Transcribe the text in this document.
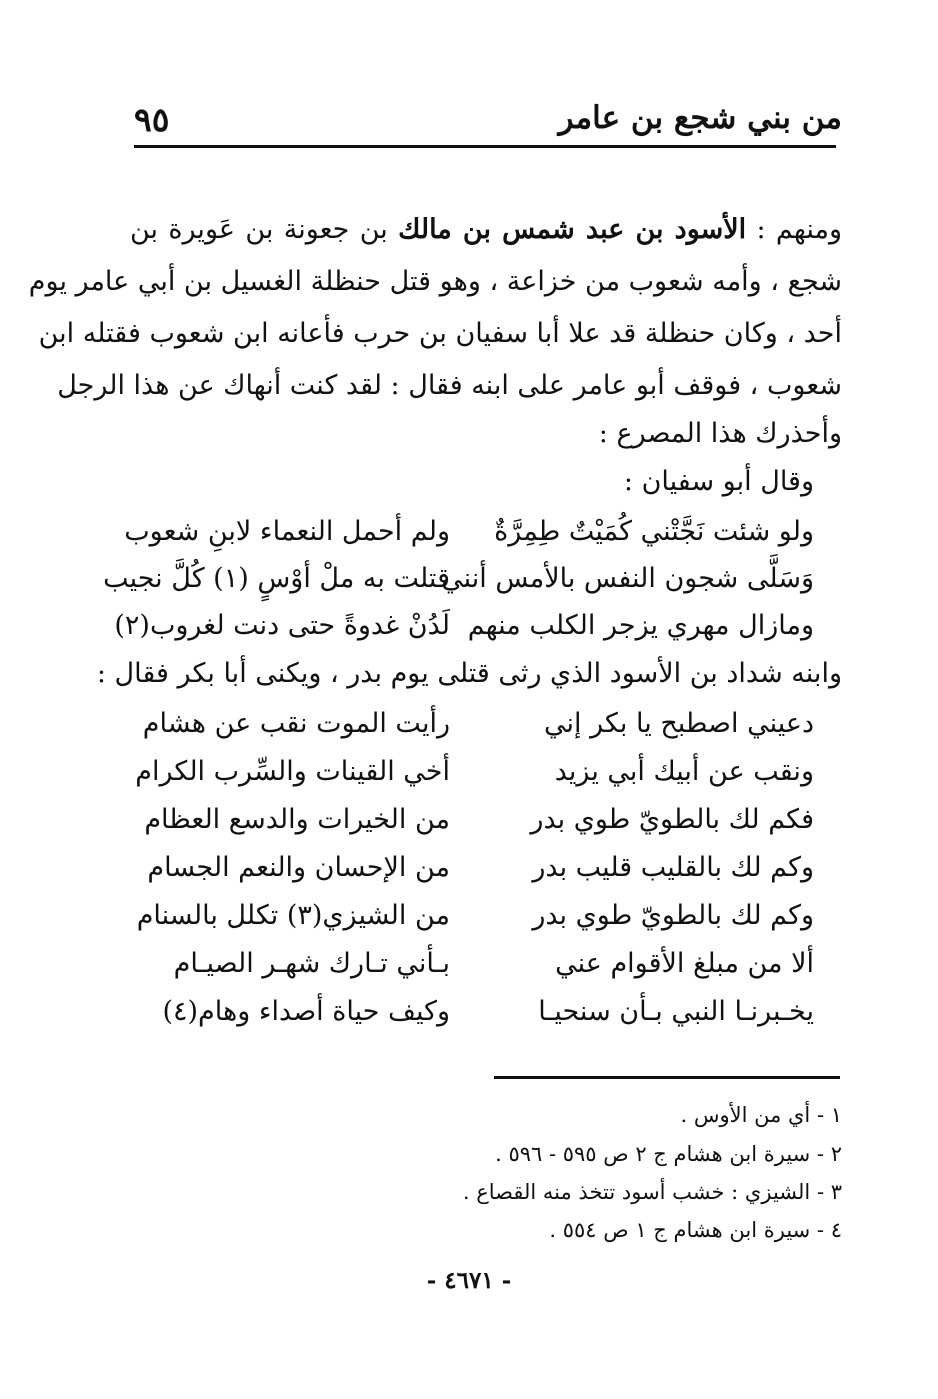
من بني شجع بن عامر
٩٥
ومنهم : الأسود بن عبد شمس بن مالك بن جعونة بن عَويرة بن
شجع ، وأمه شعوب من خزاعة ، وهو قتل حنظلة الغسيل بن أبي عامر يوم
أحد ، وكان حنظلة قد علا أبا سفيان بن حرب فأعانه ابن شعوب فقتله ابن
شعوب ، فوقف أبو عامر على ابنه فقال : لقد كنت أنهاك عن هذا الرجل
وأحذرك هذا المصرع :
وقال أبو سفيان :
ولو شئت نَجَّتْني كُمَيْتٌ طِمِرَّةٌ
ولم أحمل النعماء لابنِ شعوب
وَسَلَّى شجون النفس بالأمس أنني
قتلت به ملْ أوْسٍ (١) كُلَّ نجيب
ومازال مهري يزجر الكلب منهم
لَدُنْ غدوةً حتى دنت لغروب(٢)
وابنه شداد بن الأسود الذي رثى قتلى يوم بدر ، ويكنى أبا بكر فقال :
دعيني اصطبح يا بكر إني
رأيت الموت نقب عن هشام
ونقب عن أبيك أبي يزيد
أخي القينات والسِّرب الكرام
فكم لك بالطويّ طوي بدر
من الخيرات والدسع العظام
وكم لك بالقليب قليب بدر
من الإحسان والنعم الجسام
وكم لك بالطويّ طوي بدر
من الشيزي(٣) تكلل بالسنام
ألا من مبلغ الأقوام عني
بـأني تـارك شهـر الصيـام
يخـبرنـا النبي بـأن سنحيـا
وكيف حياة أصداء وهام(٤)
١ - أي من الأوس .
٢ - سيرة ابن هشام ج ٢ ص ٥٩٥ - ٥٩٦ .
٣ - الشيزي : خشب أسود تتخذ منه القصاع .
٤ - سيرة ابن هشام ج ١ ص ٥٥٤ .
- ٤٦٧١ -
